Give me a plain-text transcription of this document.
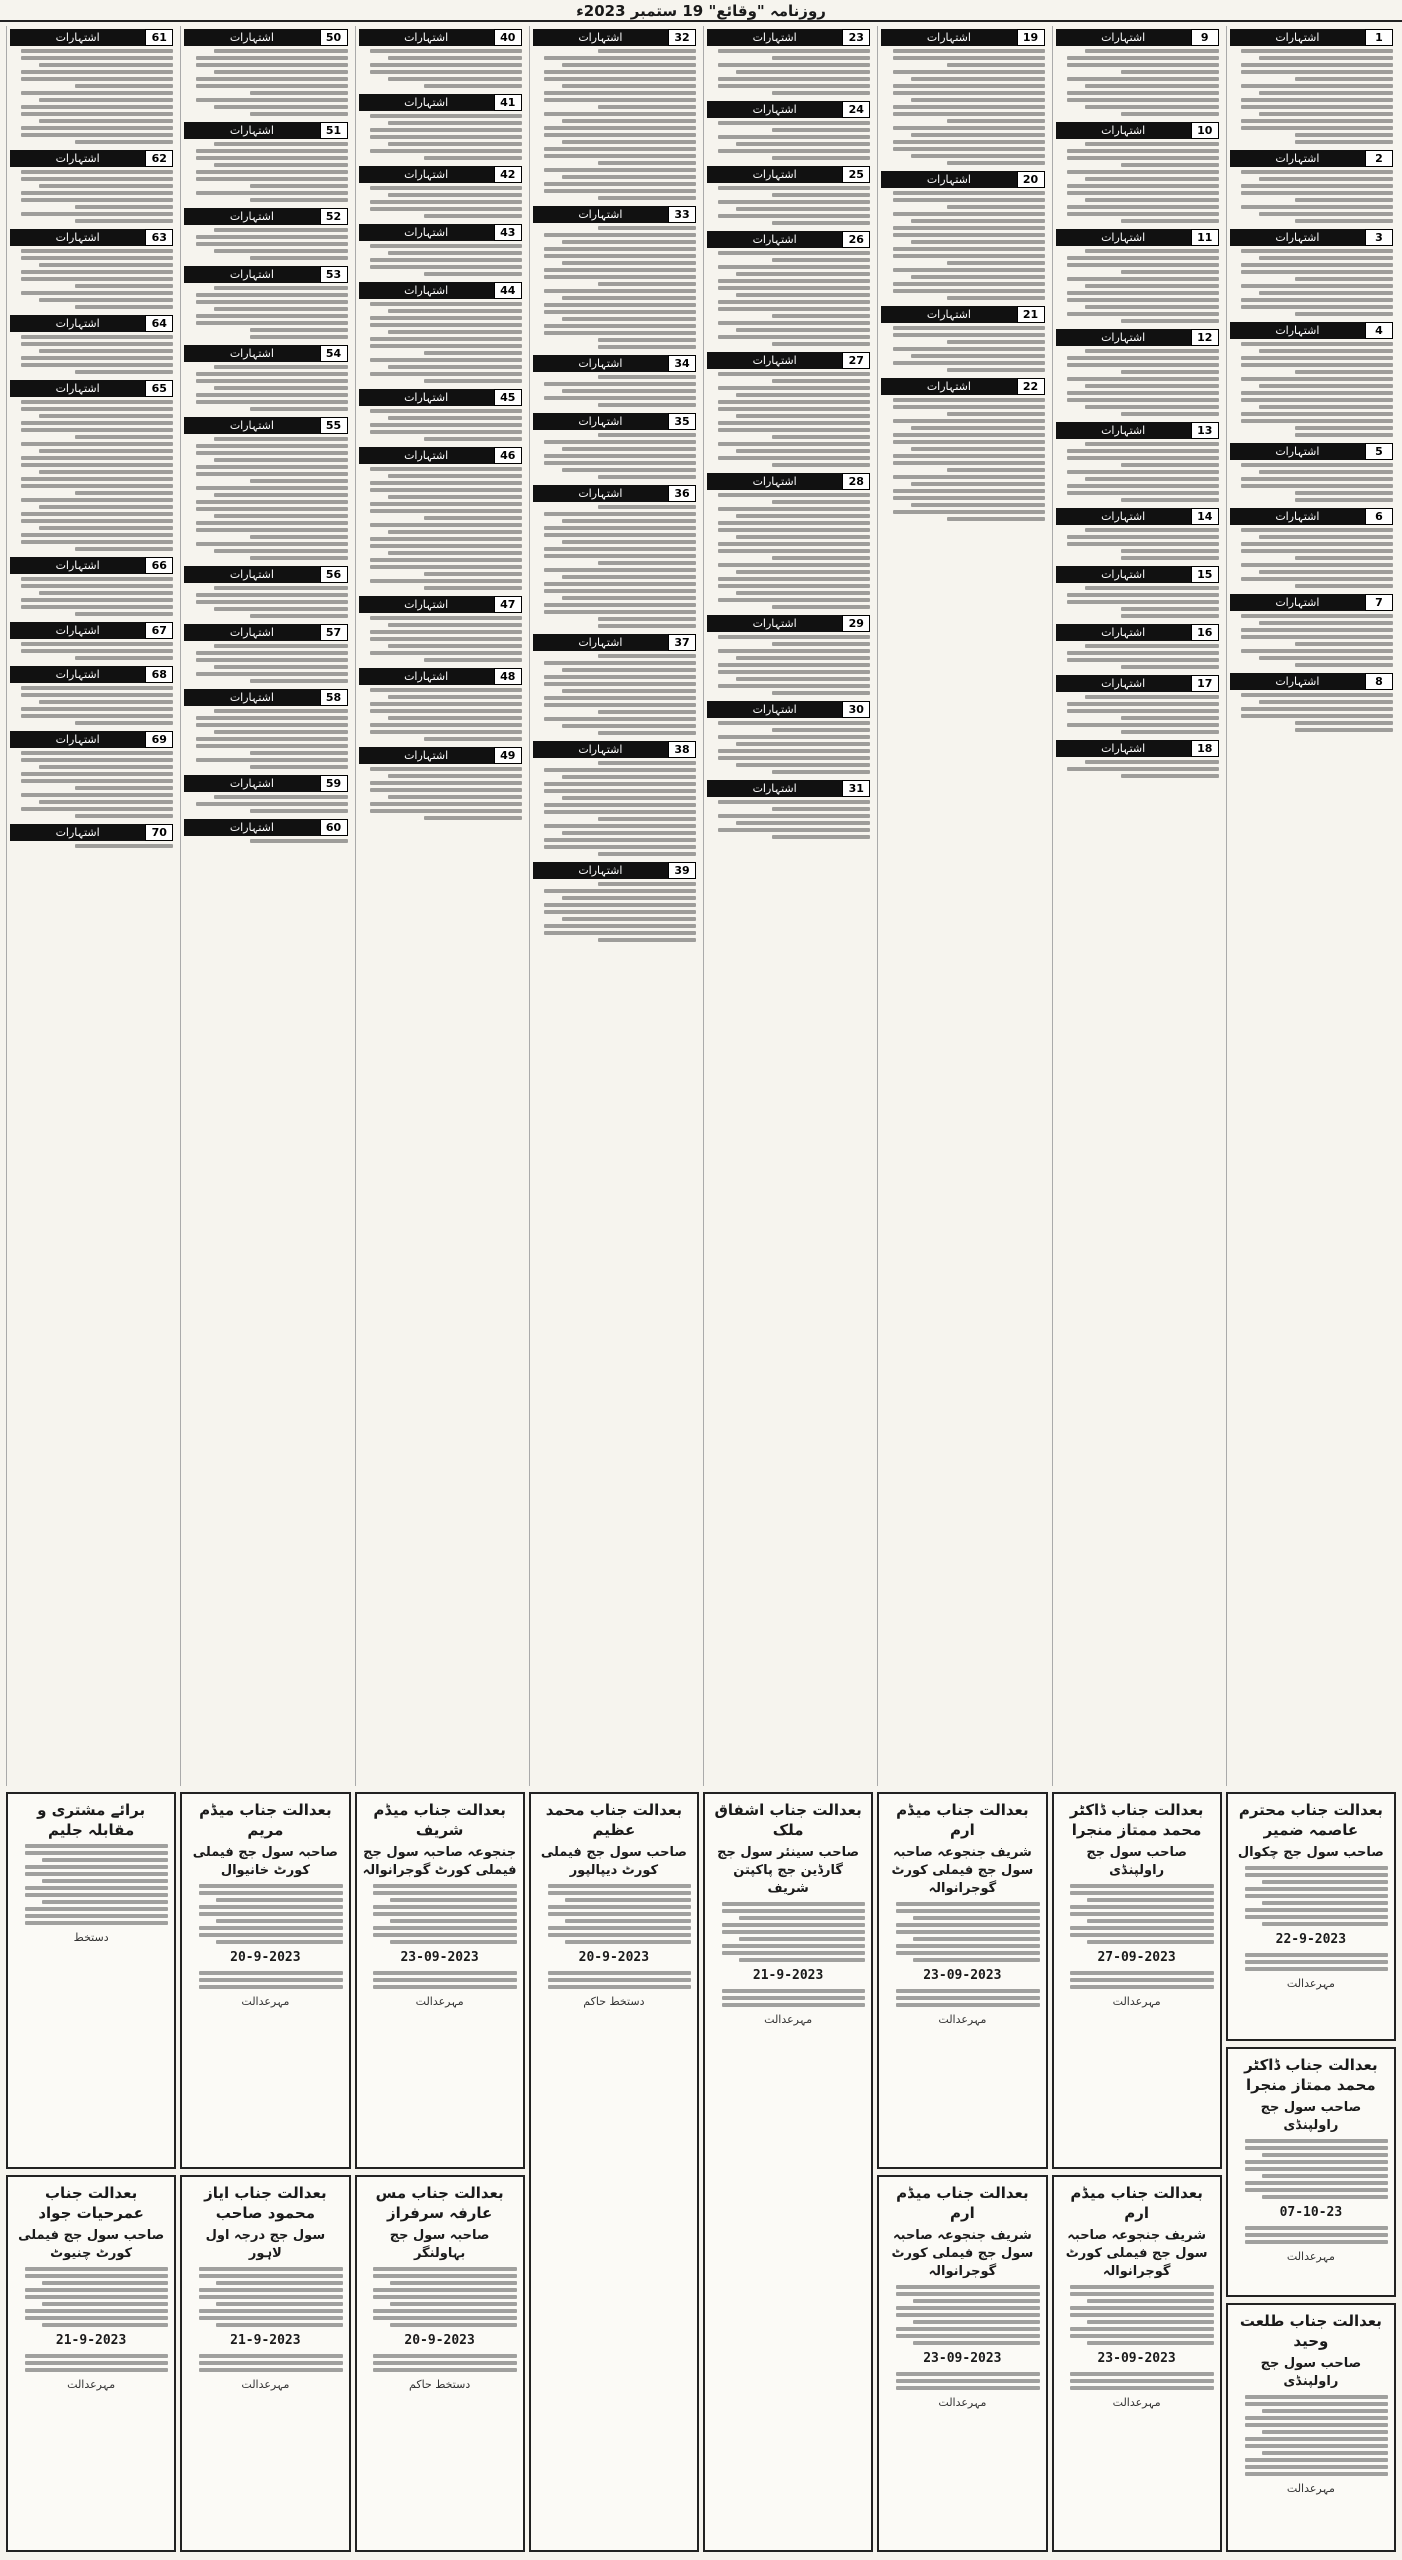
روزنامہ "وقائع" 19 ستمبر 2023ء
1
اشتہارات
2
اشتہارات
3
اشتہارات
4
اشتہارات
5
اشتہارات
6
اشتہارات
7
اشتہارات
8
اشتہارات
9
اشتہارات
10
اشتہارات
11
اشتہارات
12
اشتہارات
13
اشتہارات
14
اشتہارات
15
اشتہارات
16
اشتہارات
17
اشتہارات
18
اشتہارات
19
اشتہارات
20
اشتہارات
21
اشتہارات
22
اشتہارات
23
اشتہارات
24
اشتہارات
25
اشتہارات
26
اشتہارات
27
اشتہارات
28
اشتہارات
29
اشتہارات
30
اشتہارات
31
اشتہارات
32
اشتہارات
33
اشتہارات
34
اشتہارات
35
اشتہارات
36
اشتہارات
37
اشتہارات
38
اشتہارات
39
اشتہارات
40
اشتہارات
41
اشتہارات
42
اشتہارات
43
اشتہارات
44
اشتہارات
45
اشتہارات
46
اشتہارات
47
اشتہارات
48
اشتہارات
49
اشتہارات
50
اشتہارات
51
اشتہارات
52
اشتہارات
53
اشتہارات
54
اشتہارات
55
اشتہارات
56
اشتہارات
57
اشتہارات
58
اشتہارات
59
اشتہارات
60
اشتہارات
61
اشتہارات
62
اشتہارات
63
اشتہارات
64
اشتہارات
65
اشتہارات
66
اشتہارات
67
اشتہارات
68
اشتہارات
69
اشتہارات
70
اشتہارات
بعدالت جناب محترم عاصمہ ضمیر
صاحب سول جج چکوال
22-9-2023
مہرعدالت
بعدالت جناب ڈاکٹر محمد ممتاز منجرا
صاحب سول جج راولپنڈی
07-10-23
مہرعدالت
بعدالت جناب طلعت وحید
صاحب سول جج راولپنڈی
مہرعدالت
بعدالت جناب ڈاکٹر محمد ممتاز منجرا
صاحب سول جج راولپنڈی
27-09-2023
مہرعدالت
بعدالت جناب میڈم ارم
شریف جنجوعہ صاحبہ سول جج فیملی کورٹ گوجرانوالہ
23-09-2023
مہرعدالت
بعدالت جناب میڈم ارم
شریف جنجوعہ صاحبہ سول جج فیملی کورٹ گوجرانوالہ
23-09-2023
مہرعدالت
بعدالت جناب میڈم ارم
شریف جنجوعہ صاحبہ سول جج فیملی کورٹ گوجرانوالہ
23-09-2023
مہرعدالت
بعدالت جناب اشفاق ملک
صاحب سینئر سول جج گارڈین جج پاکپتن شریف
21-9-2023
مہرعدالت
بعدالت جناب محمد عظیم
صاحب سول جج فیملی کورٹ دیپالپور
20-9-2023
دستخط حاکم
بعدالت جناب میڈم شریف
جنجوعہ صاحبہ سول جج فیملی کورٹ گوجرانوالہ
23-09-2023
مہرعدالت
بعدالت جناب مس عارفہ سرفراز
صاحبہ سول جج بہاولنگر
20-9-2023
دستخط حاکم
بعدالت جناب میڈم مریم
صاحبہ سول جج فیملی کورٹ خانیوال
20-9-2023
مہرعدالت
بعدالت جناب ایاز محمود صاحب
سول جج درجہ اول لاہور
21-9-2023
مہرعدالت
برائے مشتری و مقابلہ جلیم
دستخط
بعدالت جناب عمرحیات جواد
صاحب سول جج فیملی کورٹ چنیوٹ
21-9-2023
مہرعدالت
